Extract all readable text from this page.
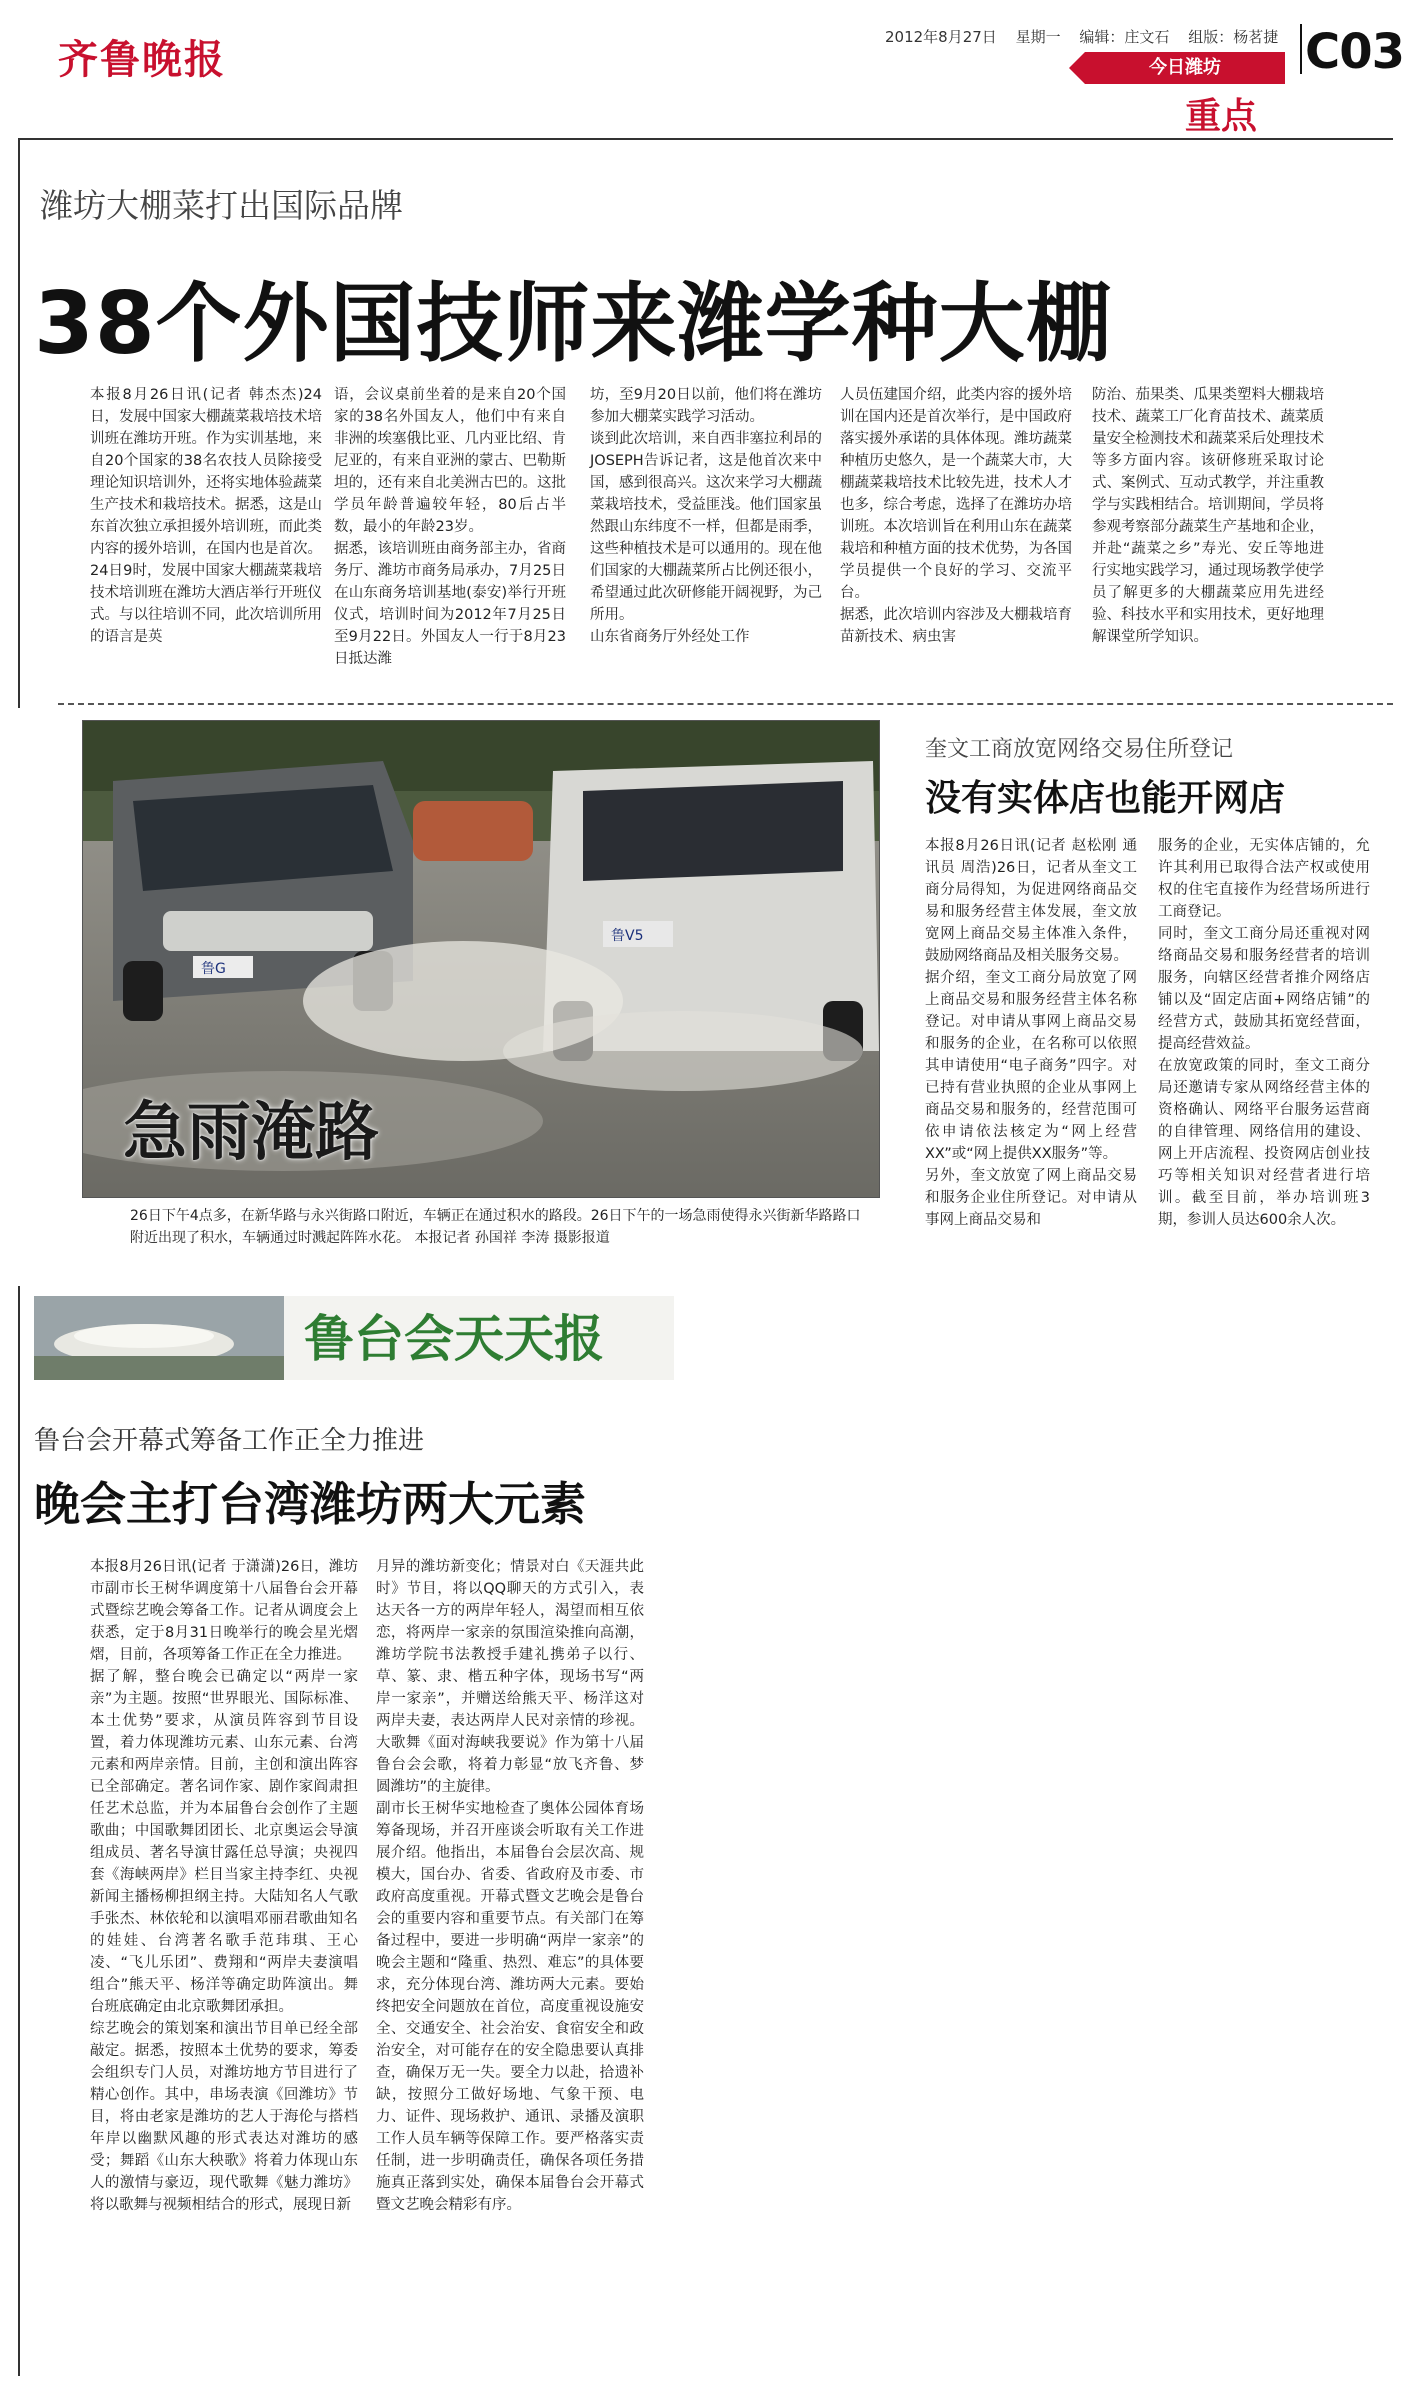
齐鲁晚报	2012年8月27日 星期一 编辑：庄文石 组版：杨茗捷 C03
今日潍坊
重点
潍坊大棚菜打出国际品牌
38个外国技师来潍学种大棚
本报8月26日讯(记者 韩杰杰)24日，发展中国家大棚蔬菜栽培技术培训班在潍坊开班。作为实训基地，来自20个国家的38名农技人员除接受理论知识培训外，还将实地体验蔬菜生产技术和栽培技术。据悉，这是山东首次独立承担援外培训班，而此类内容的援外培训，在国内也是首次。
24日9时，发展中国家大棚蔬菜栽培技术培训班在潍坊大酒店举行开班仪式。与以往培训不同，此次培训所用的语言是英
语，会议桌前坐着的是来自20个国家的38名外国友人，他们中有来自非洲的埃塞俄比亚、几内亚比绍、肯尼亚的，有来自亚洲的蒙古、巴勒斯坦的，还有来自北美洲古巴的。这批学员年龄普遍较年轻，80后占半数，最小的年龄23岁。
据悉，该培训班由商务部主办，省商务厅、潍坊市商务局承办，7月25日在山东商务培训基地(泰安)举行开班仪式，培训时间为2012年7月25日至9月22日。外国友人一行于8月23日抵达潍
坊，至9月20日以前，他们将在潍坊参加大棚菜实践学习活动。
谈到此次培训，来自西非塞拉利昂的JOSEPH告诉记者，这是他首次来中国，感到很高兴。这次来学习大棚蔬菜栽培技术，受益匪浅。他们国家虽然跟山东纬度不一样，但都是雨季，这些种植技术是可以通用的。现在他们国家的大棚蔬菜所占比例还很小，希望通过此次研修能开阔视野，为己所用。
山东省商务厅外经处工作
人员伍建国介绍，此类内容的援外培训在国内还是首次举行，是中国政府落实援外承诺的具体体现。潍坊蔬菜种植历史悠久，是一个蔬菜大市，大棚蔬菜栽培技术比较先进，技术人才也多，综合考虑，选择了在潍坊办培训班。本次培训旨在利用山东在蔬菜栽培和种植方面的技术优势，为各国学员提供一个良好的学习、交流平台。
据悉，此次培训内容涉及大棚栽培育苗新技术、病虫害
防治、茄果类、瓜果类塑料大棚栽培技术、蔬菜工厂化育苗技术、蔬菜质量安全检测技术和蔬菜采后处理技术等多方面内容。该研修班采取讨论式、案例式、互动式教学，并注重教学与实践相结合。培训期间，学员将参观考察部分蔬菜生产基地和企业，并赴“蔬菜之乡”寿光、安丘等地进行实地实践学习，通过现场教学使学员了解更多的大棚蔬菜应用先进经验、科技水平和实用技术，更好地理解课堂所学知识。
鲁G
鲁V5
急雨淹路
26日下午4点多，在新华路与永兴街路口附近，车辆正在通过积水的路段。26日下午的一场急雨使得永兴街新华路路口附近出现了积水，车辆通过时溅起阵阵水花。 本报记者 孙国祥 李涛 摄影报道
奎文工商放宽网络交易住所登记
没有实体店也能开网店
本报8月26日讯(记者 赵松刚 通讯员 周浩)26日，记者从奎文工商分局得知，为促进网络商品交易和服务经营主体发展，奎文放宽网上商品交易主体准入条件，鼓励网络商品及相关服务交易。
据介绍，奎文工商分局放宽了网上商品交易和服务经营主体名称登记。对申请从事网上商品交易和服务的企业，在名称可以依照其申请使用“电子商务”四字。对已持有营业执照的企业从事网上商品交易和服务的，经营范围可依申请依法核定为“网上经营XX”或“网上提供XX服务”等。
另外，奎文放宽了网上商品交易和服务企业住所登记。对申请从事网上商品交易和
服务的企业，无实体店铺的，允许其利用已取得合法产权或使用权的住宅直接作为经营场所进行工商登记。
同时，奎文工商分局还重视对网络商品交易和服务经营者的培训服务，向辖区经营者推介网络店铺以及“固定店面+网络店铺”的经营方式，鼓励其拓宽经营面，提高经营效益。
在放宽政策的同时，奎文工商分局还邀请专家从网络经营主体的资格确认、网络平台服务运营商的自律管理、网络信用的建设、网上开店流程、投资网店创业技巧等相关知识对经营者进行培训。截至目前，举办培训班3期，参训人员达600余人次。
鲁台会天天报
鲁台会开幕式筹备工作正全力推进
晚会主打台湾潍坊两大元素
本报8月26日讯(记者 于潇潇)26日，潍坊市副市长王树华调度第十八届鲁台会开幕式暨综艺晚会筹备工作。记者从调度会上获悉，定于8月31日晚举行的晚会星光熠熠，目前，各项筹备工作正在全力推进。
据了解，整台晚会已确定以“两岸一家亲”为主题。按照“世界眼光、国际标准、本土优势”要求，从演员阵容到节目设置，着力体现潍坊元素、山东元素、台湾元素和两岸亲情。目前，主创和演出阵容已全部确定。著名词作家、剧作家阎肃担任艺术总监，并为本届鲁台会创作了主题歌曲；中国歌舞团团长、北京奥运会导演组成员、著名导演甘露任总导演；央视四套《海峡两岸》栏目当家主持李红、央视新闻主播杨柳担纲主持。大陆知名人气歌手张杰、林依轮和以演唱邓丽君歌曲知名的娃娃、台湾著名歌手范玮琪、王心凌、“飞儿乐团”、费翔和“两岸夫妻演唱组合”熊天平、杨洋等确定助阵演出。舞台班底确定由北京歌舞团承担。
综艺晚会的策划案和演出节目单已经全部敲定。据悉，按照本土优势的要求，筹委会组织专门人员，对潍坊地方节目进行了精心创作。其中，串场表演《回潍坊》节目，将由老家是潍坊的艺人于海伦与搭档年岸以幽默风趣的形式表达对潍坊的感受；舞蹈《山东大秧歌》将着力体现山东人的激情与豪迈，现代歌舞《魅力潍坊》将以歌舞与视频相结合的形式，展现日新
月异的潍坊新变化；情景对白《天涯共此时》节目，将以QQ聊天的方式引入，表达天各一方的两岸年轻人，渴望而相互依恋，将两岸一家亲的氛围渲染推向高潮，潍坊学院书法教授手建礼携弟子以行、草、篆、隶、楷五种字体，现场书写“两岸一家亲”，并赠送给熊天平、杨洋这对两岸夫妻，表达两岸人民对亲情的珍视。大歌舞《面对海峡我要说》作为第十八届鲁台会会歌，将着力彰显“放飞齐鲁、梦圆潍坊”的主旋律。
副市长王树华实地检查了奥体公园体育场筹备现场，并召开座谈会听取有关工作进展介绍。他指出，本届鲁台会层次高、规模大，国台办、省委、省政府及市委、市政府高度重视。开幕式暨文艺晚会是鲁台会的重要内容和重要节点。有关部门在筹备过程中，要进一步明确“两岸一家亲”的晚会主题和“隆重、热烈、难忘”的具体要求，充分体现台湾、潍坊两大元素。要始终把安全问题放在首位，高度重视设施安全、交通安全、社会治安、食宿安全和政治安全，对可能存在的安全隐患要认真排查，确保万无一失。要全力以赴，拾遗补缺，按照分工做好场地、气象干预、电力、证件、现场救护、通讯、录播及演职工作人员车辆等保障工作。要严格落实责任制，进一步明确责任，确保各项任务措施真正落到实处，确保本届鲁台会开幕式暨文艺晚会精彩有序。
